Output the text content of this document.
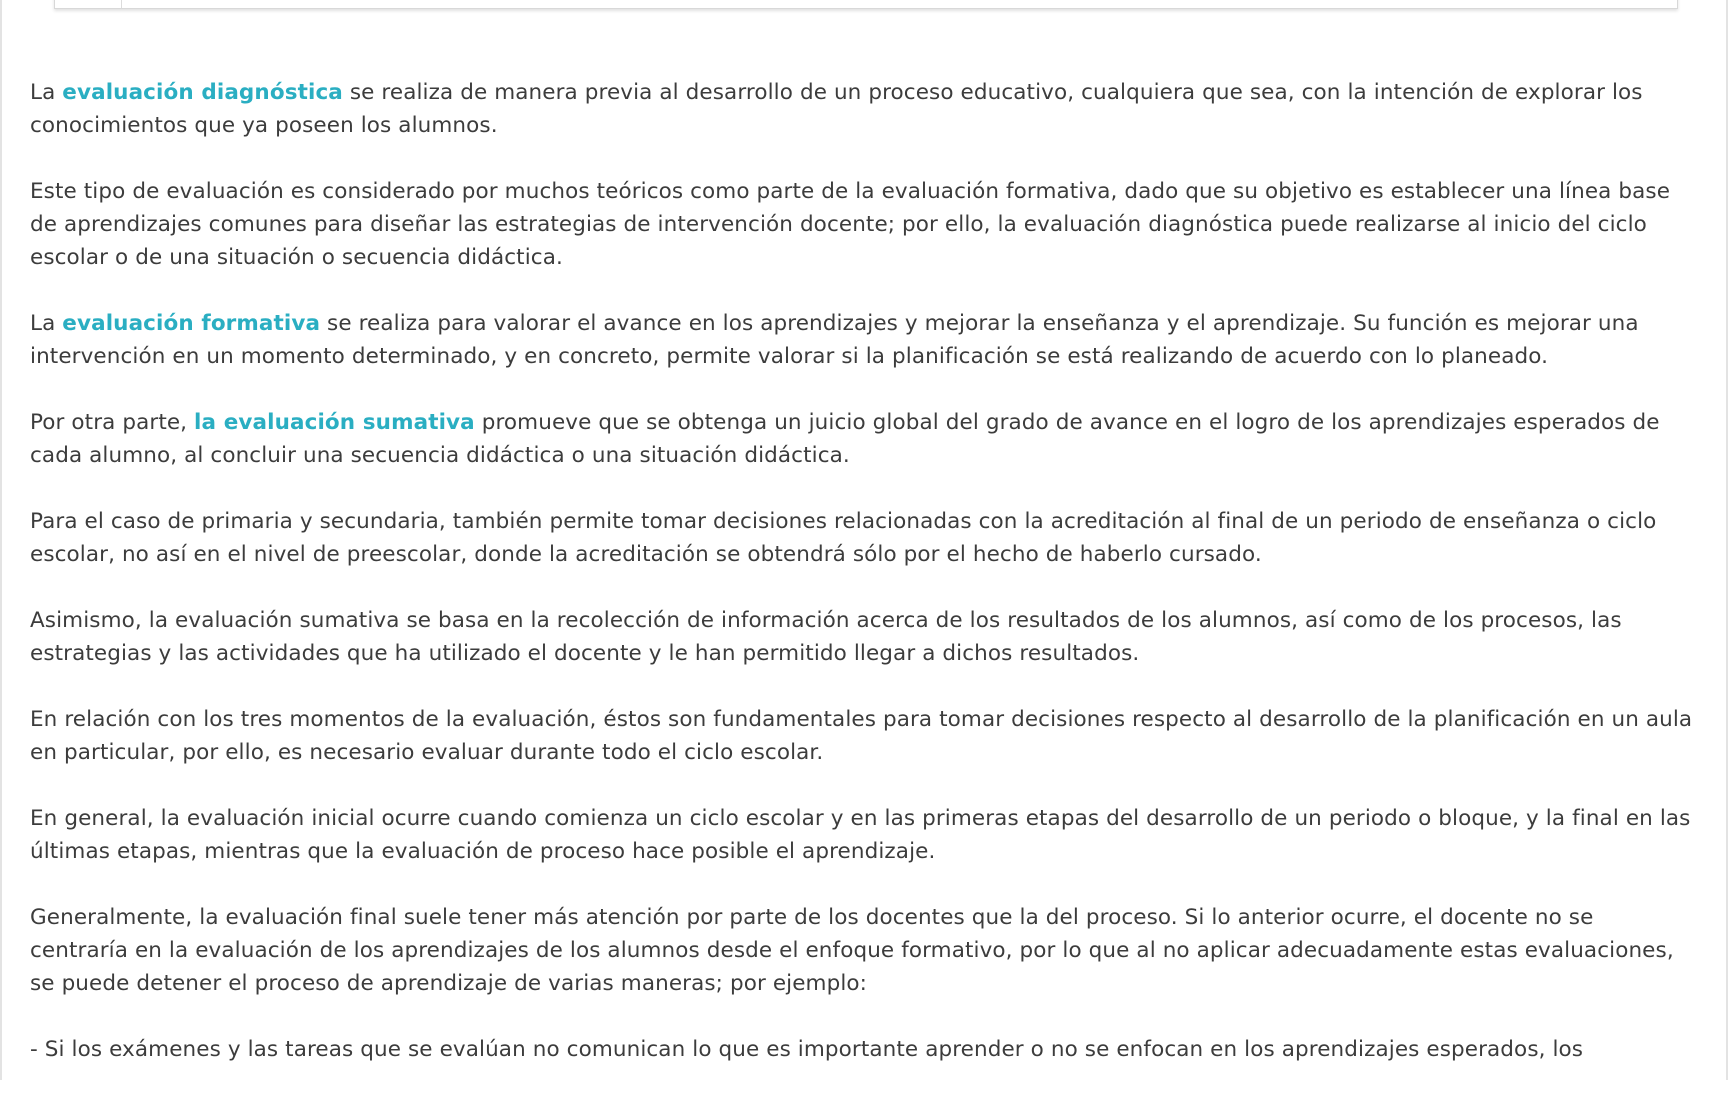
La evaluación diagnóstica se realiza de manera previa al desarrollo de un proceso educativo, cualquiera que sea, con la intención de explorar los conocimientos que ya poseen los alumnos.

Este tipo de evaluación es considerado por muchos teóricos como parte de la evaluación formativa, dado que su objetivo es establecer una línea base de aprendizajes comunes para diseñar las estrategias de intervención docente; por ello, la evaluación diagnóstica puede realizarse al inicio del ciclo escolar o de una situación o secuencia didáctica.

La evaluación formativa se realiza para valorar el avance en los aprendizajes y mejorar la enseñanza y el aprendizaje. Su función es mejorar una intervención en un momento determinado, y en concreto, permite valorar si la planificación se está realizando de acuerdo con lo planeado.

Por otra parte, la evaluación sumativa promueve que se obtenga un juicio global del grado de avance en el logro de los aprendizajes esperados de cada alumno, al concluir una secuencia didáctica o una situación didáctica.

Para el caso de primaria y secundaria, también permite tomar decisiones relacionadas con la acreditación al final de un periodo de enseñanza o ciclo escolar, no así en el nivel de preescolar, donde la acreditación se obtendrá sólo por el hecho de haberlo cursado.

Asimismo, la evaluación sumativa se basa en la recolección de información acerca de los resultados de los alumnos, así como de los procesos, las estrategias y las actividades que ha utilizado el docente y le han permitido llegar a dichos resultados.

En relación con los tres momentos de la evaluación, éstos son fundamentales para tomar decisiones respecto al desarrollo de la planificación en un aula en particular, por ello, es necesario evaluar durante todo el ciclo escolar.

En general, la evaluación inicial ocurre cuando comienza un ciclo escolar y en las primeras etapas del desarrollo de un periodo o bloque, y la final en las últimas etapas, mientras que la evaluación de proceso hace posible el aprendizaje.

Generalmente, la evaluación final suele tener más atención por parte de los docentes que la del proceso. Si lo anterior ocurre, el docente no se centraría en la evaluación de los aprendizajes de los alumnos desde el enfoque formativo, por lo que al no aplicar adecuadamente estas evaluaciones, se puede detener el proceso de aprendizaje de varias maneras; por ejemplo:

- Si los exámenes y las tareas que se evalúan no comunican lo que es importante aprender o no se enfocan en los aprendizajes esperados, los
